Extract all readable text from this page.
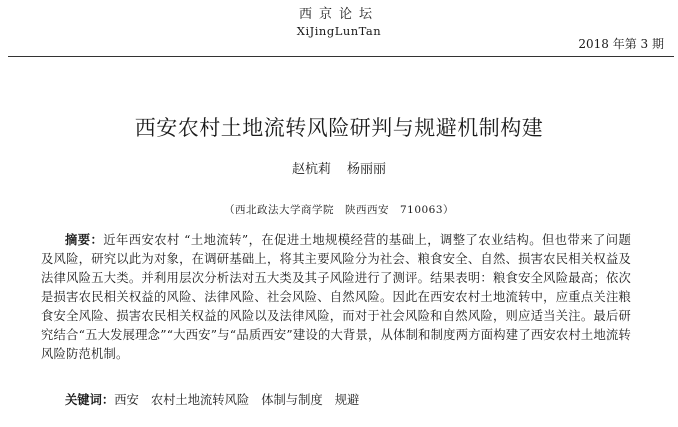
西京论坛
XiJingLunTan
2018 年第 3 期
西安农村土地流转风险研判与规避机制构建
赵杭莉 杨丽丽
（西北政法大学商学院　陕西西安　710063）
摘要：近年西安农村 “土地流转”，在促进土地规模经营的基础上，调整了农业结构。但也带来了问题及风险，研究以此为对象，在调研基础上，将其主要风险分为社会、粮食安全、自然、损害农民相关权益及法律风险五大类。并利用层次分析法对五大类及其子风险进行了测评。结果表明：粮食安全风险最高；依次是损害农民相关权益的风险、法律风险、社会风险、自然风险。因此在西安农村土地流转中，应重点关注粮食安全风险、损害农民相关权益的风险以及法律风险，而对于社会风险和自然风险，则应适当关注。最后研究结合“五大发展理念”“大西安”与“品质西安”建设的大背景，从体制和制度两方面构建了西安农村土地流转风险防范机制。
关键词：西安 农村土地流转风险 体制与制度 规避
